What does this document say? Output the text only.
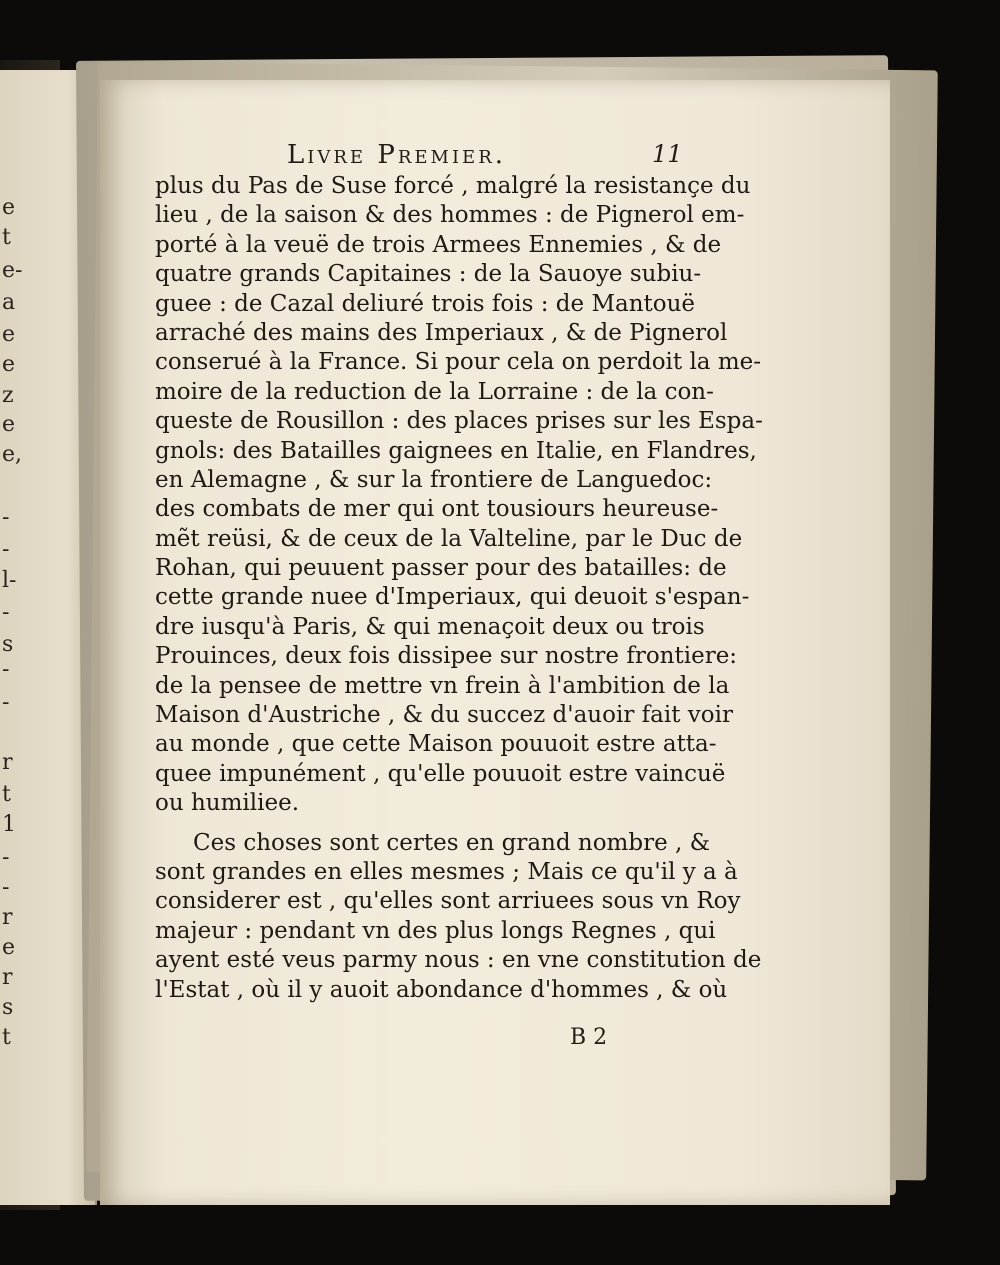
e
t
e-
a
e
e
z
e
e,
-
-
l-
-
s
-
-
r
t
1
-
-
r
e
r
s
t
Livre Premier.	11
plus du Pas de Suse forcé , malgré la resistançe du
lieu , de la saison & des hommes : de Pignerol em-
porté à la veuë de trois Armees Ennemies , & de
quatre grands Capitaines : de la Sauoye subiu-
guee : de Cazal deliuré trois fois : de Mantouë
arraché des mains des Imperiaux , & de Pignerol
conserué à la France. Si pour cela on perdoit la me-
moire de la reduction de la Lorraine : de la con-
queste de Rousillon : des places prises sur les Espa-
gnols: des Batailles gaignees en Italie, en Flandres,
en Alemagne , & sur la frontiere de Languedoc:
des combats de mer qui ont tousiours heureuse-
mẽt reüsi, & de ceux de la Valteline, par le Duc de
Rohan, qui peuuent passer pour des batailles: de
cette grande nuee d'Imperiaux, qui deuoit s'espan-
dre iusqu'à Paris, & qui menaçoit deux ou trois
Prouinces, deux fois dissipee sur nostre frontiere:
de la pensee de mettre vn frein à l'ambition de la
Maison d'Austriche , & du succez d'auoir fait voir
au monde , que cette Maison pouuoit estre atta-
quee impunément , qu'elle pouuoit estre vaincuë
ou humiliee.
Ces choses sont certes en grand nombre , &
sont grandes en elles mesmes ; Mais ce qu'il y a à
considerer est , qu'elles sont arriuees sous vn Roy
majeur : pendant vn des plus longs Regnes , qui
ayent esté veus parmy nous : en vne constitution de
l'Estat , où il y auoit abondance d'hommes , & où
B 2
